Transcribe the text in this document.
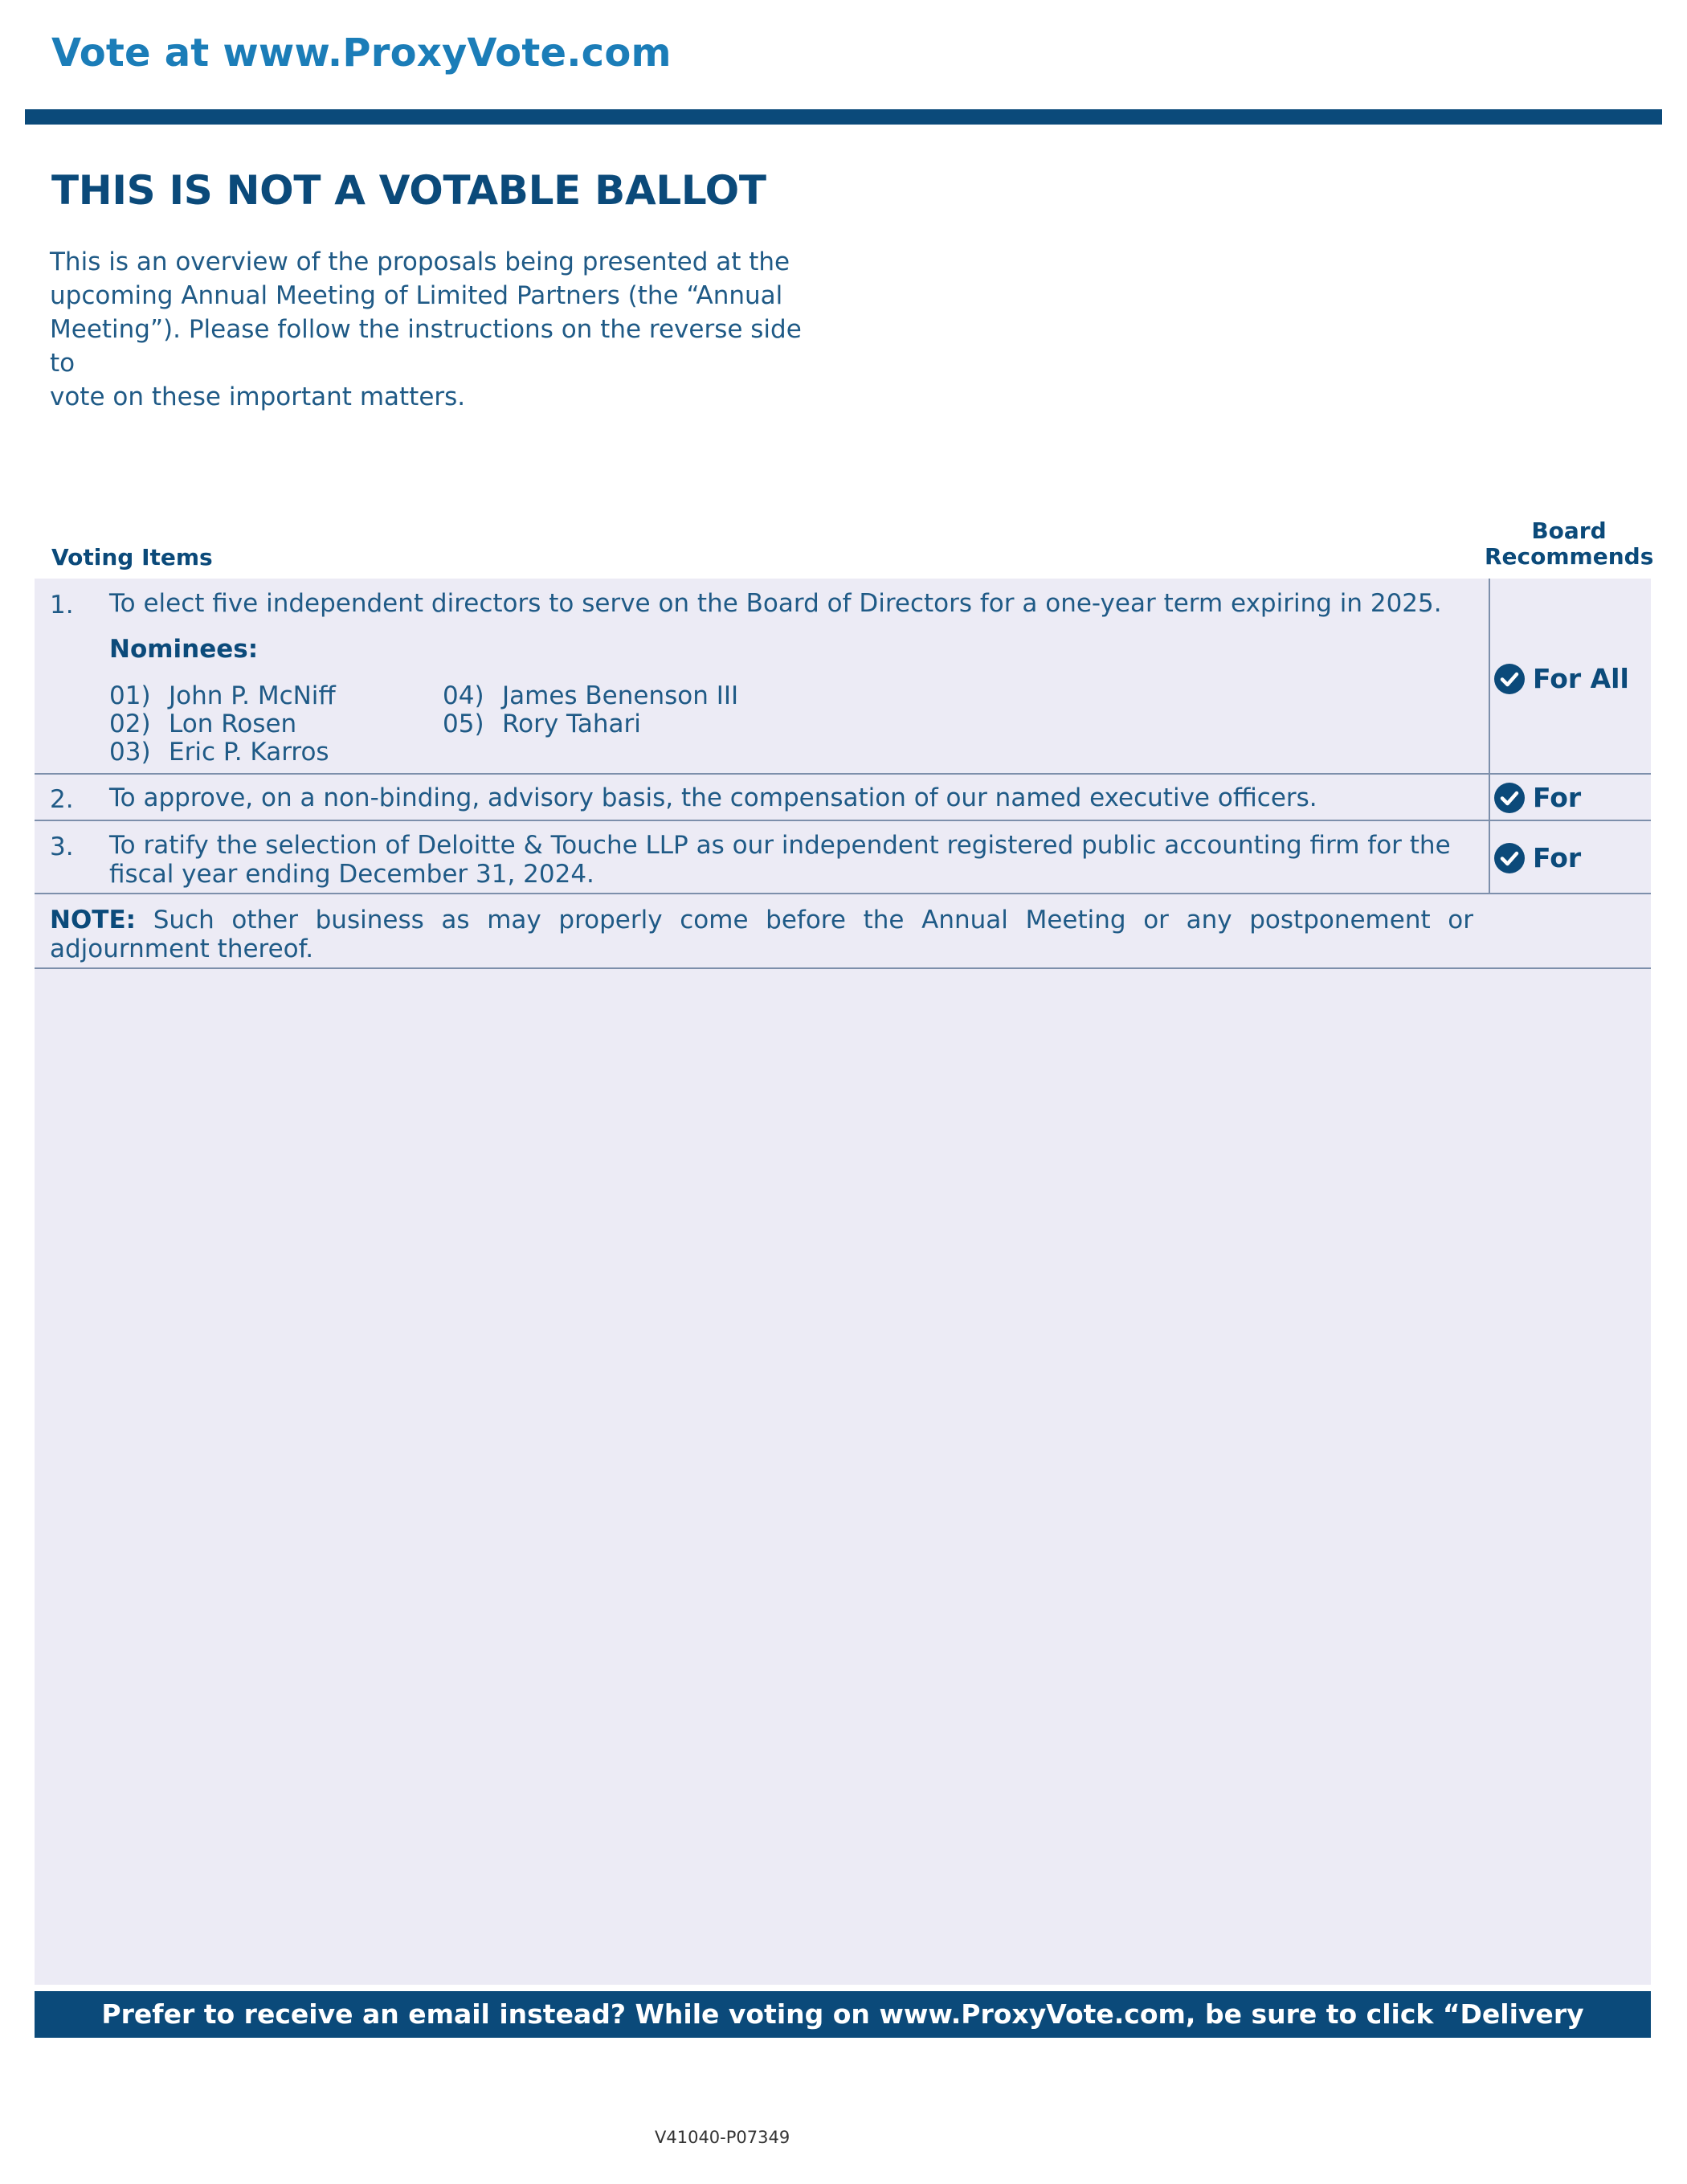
Vote at www.ProxyVote.com
THIS IS NOT A VOTABLE BALLOT
This is an overview of the proposals being presented at the
upcoming Annual Meeting of Limited Partners (the “Annual
Meeting”). Please follow the instructions on the reverse side to
vote on these important matters.
Voting Items
Board
Recommends
1. To elect five independent directors to serve on the Board of Directors for a one-year term expiring in 2025.
Nominees:
01) John P. McNiff
02) Lon Rosen
03) Eric P. Karros
04) James Benenson III
05) Rory Tahari
For All
2. To approve, on a non-binding, advisory basis, the compensation of our named executive officers.	For
3. To ratify the selection of Deloitte & Touche LLP as our independent registered public accounting firm for the fiscal year ending December 31, 2024.
For
NOTE: Such other business as may properly come before the Annual Meeting or any postponement or adjournment thereof.
Prefer to receive an email instead? While voting on www.ProxyVote.com, be sure to click “Delivery Settings”.
V41040-P07349
